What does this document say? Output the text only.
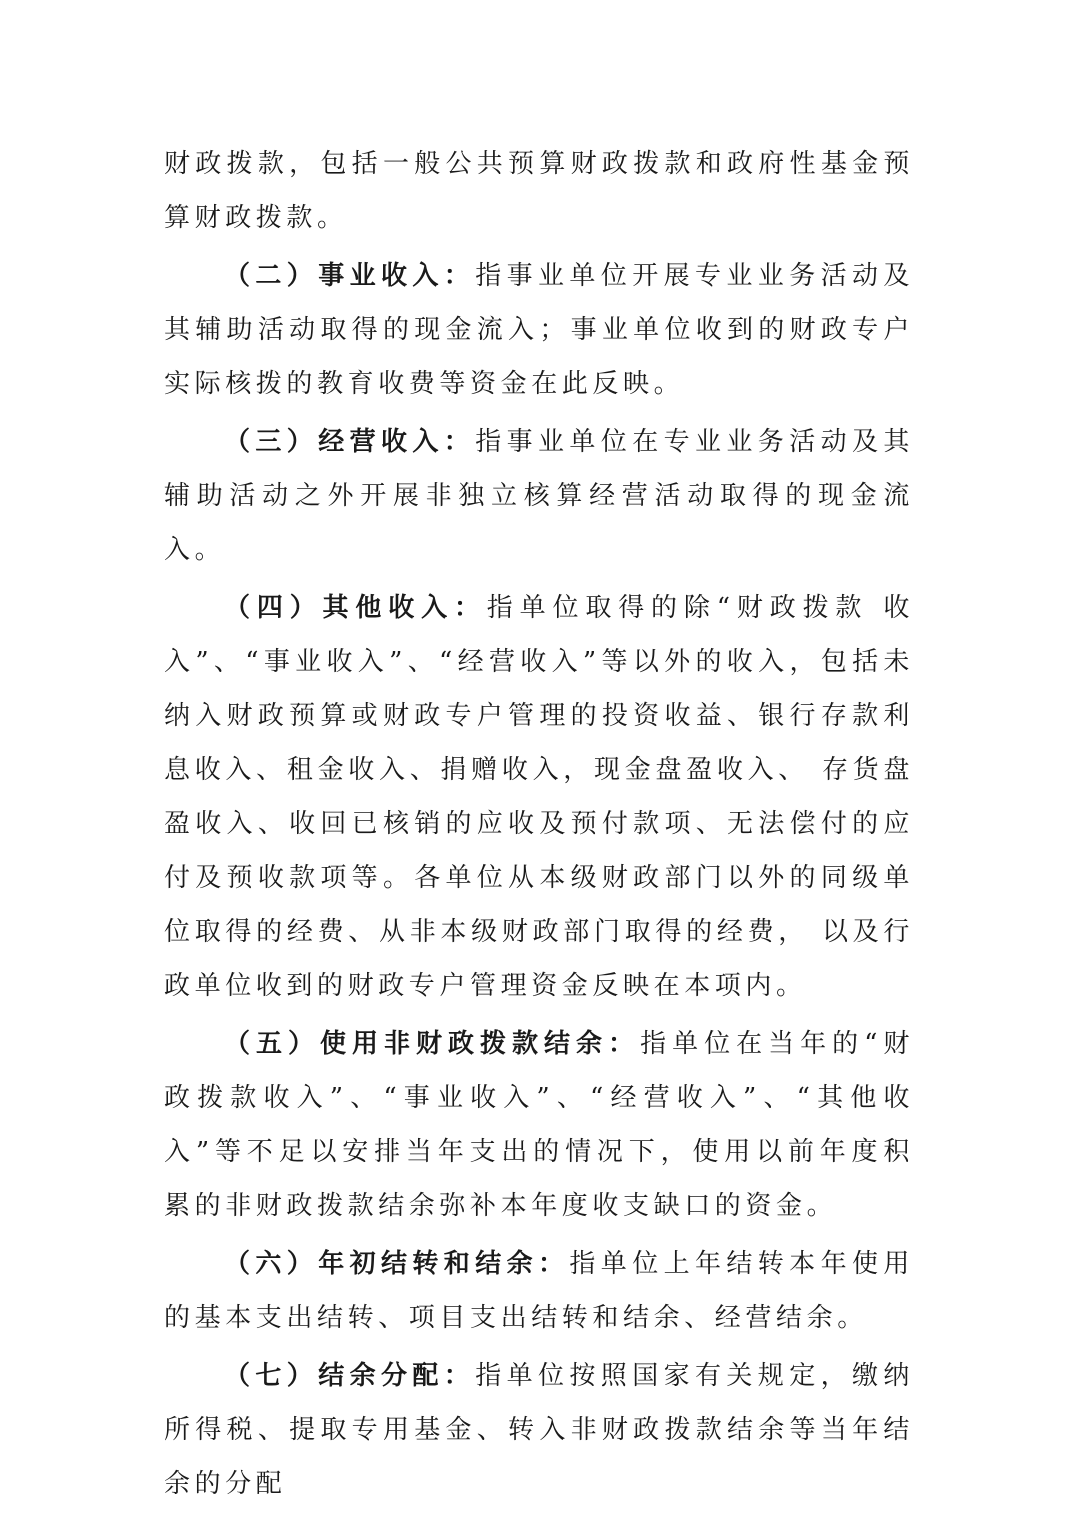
财政拨款，包括一般公共预算财政拨款和政府性基金预算财政拨款。

（二）事业收入：指事业单位开展专业业务活动及其辅助活动取得的现金流入；事业单位收到的财政专户实际核拨的教育收费等资金在此反映。

（三）经营收入：指事业单位在专业业务活动及其辅助活动之外开展非独立核算经营活动取得的现金流入。

（四）其他收入：指单位取得的除“财政拨款 收入”、“事业收入”、“经营收入”等以外的收入，包括未纳入财政预算或财政专户管理的投资收益、银行存款利息收入、租金收入、捐赠收入，现金盘盈收入、 存货盘盈收入、收回已核销的应收及预付款项、无法偿付的应付及预收款项等。各单位从本级财政部门以外的同级单位取得的经费、从非本级财政部门取得的经费， 以及行政单位收到的财政专户管理资金反映在本项内。

（五）使用非财政拨款结余：指单位在当年的“财政拨款收入”、“事业收入”、“经营收入”、“其他收入”等不足以安排当年支出的情况下，使用以前年度积累的非财政拨款结余弥补本年度收支缺口的资金。

（六）年初结转和结余：指单位上年结转本年使用的基本支出结转、项目支出结转和结余、经营结余。

（七）结余分配：指单位按照国家有关规定，缴纳所得税、提取专用基金、转入非财政拨款结余等当年结余的分配
